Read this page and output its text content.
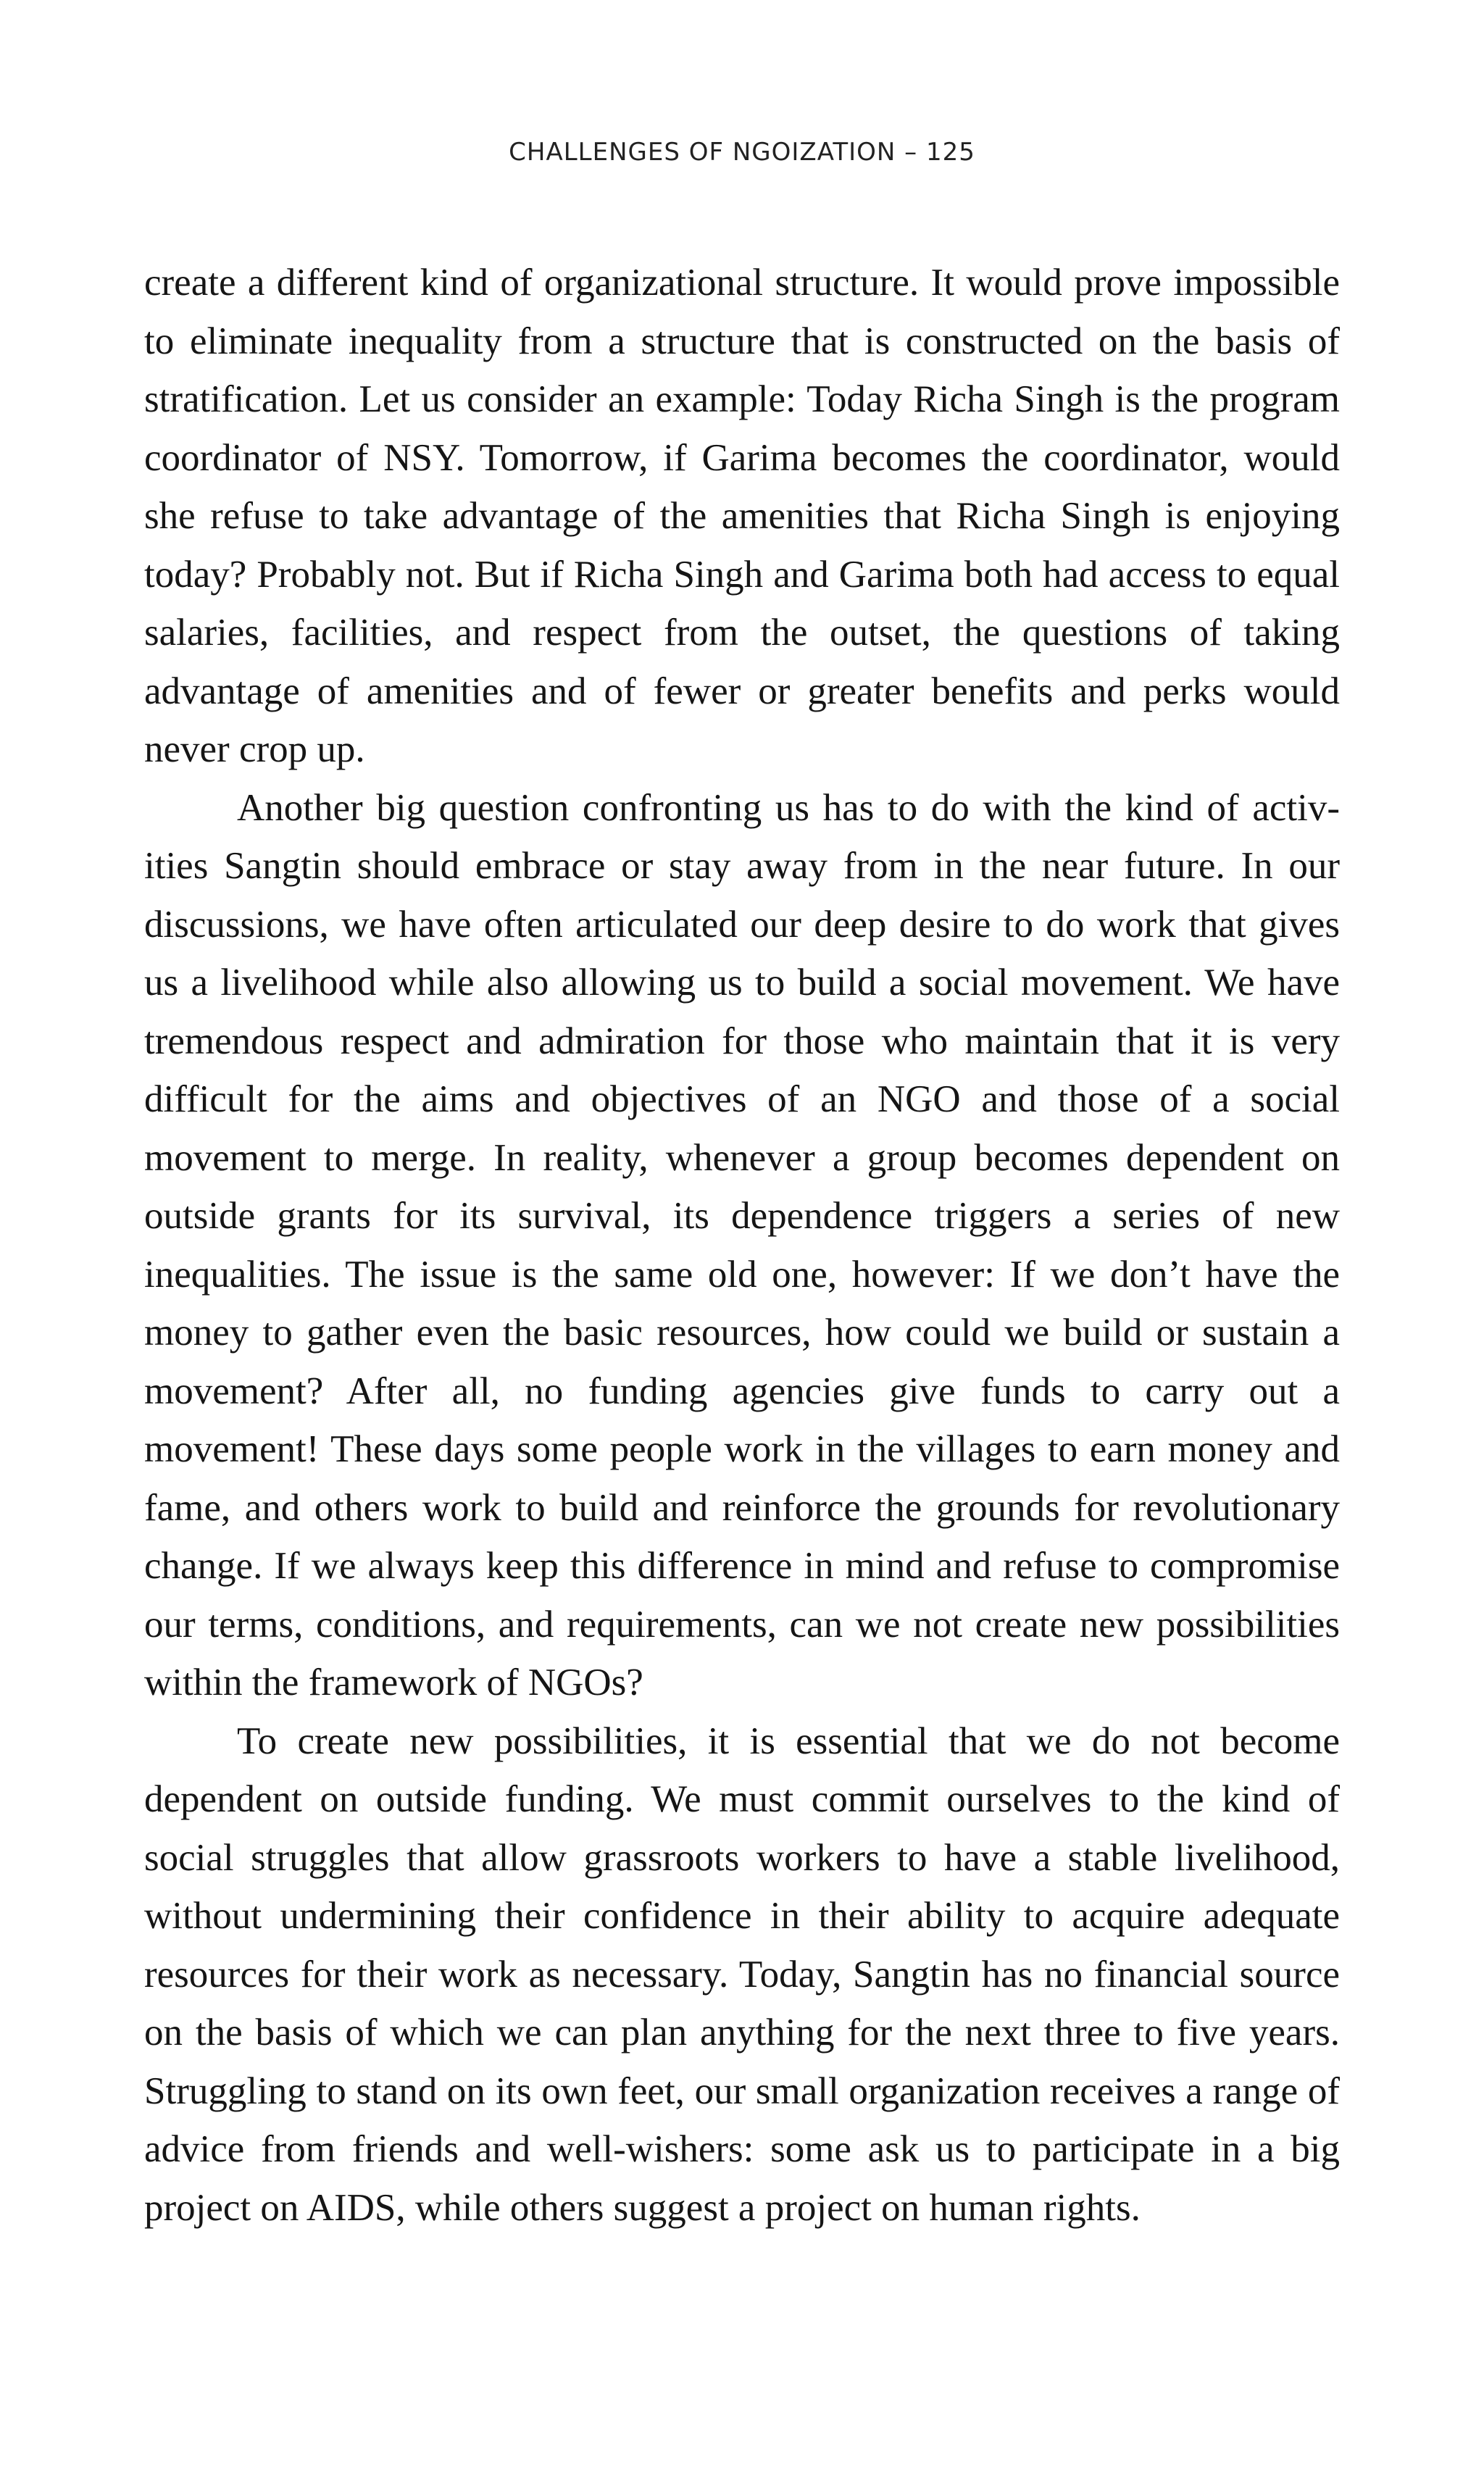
CHALLENGES OF NGOIZATION – 125

create a different kind of organizational structure. It would prove impossible to eliminate inequality from a structure that is constructed on the basis of stratification. Let us consider an example: Today Richa Singh is the program coordinator of NSY. Tomorrow, if Garima becomes the coordinator, would she refuse to take advantage of the amenities that Richa Singh is enjoying today? Probably not. But if Richa Singh and Garima both had access to equal salaries, facilities, and respect from the outset, the questions of taking advantage of amenities and of fewer or greater benefits and perks would never crop up.

Another big question confronting us has to do with the kind of activities Sangtin should embrace or stay away from in the near future. In our discussions, we have often articulated our deep desire to do work that gives us a livelihood while also allowing us to build a social movement. We have tremendous respect and admiration for those who maintain that it is very difficult for the aims and objectives of an NGO and those of a social movement to merge. In reality, whenever a group becomes dependent on outside grants for its survival, its dependence triggers a series of new inequalities. The issue is the same old one, however: If we don’t have the money to gather even the basic resources, how could we build or sustain a movement? After all, no funding agencies give funds to carry out a movement! These days some people work in the villages to earn money and fame, and others work to build and reinforce the grounds for revolutionary change. If we always keep this difference in mind and refuse to compromise our terms, conditions, and requirements, can we not create new possibilities within the framework of NGOs?

To create new possibilities, it is essential that we do not become dependent on outside funding. We must commit ourselves to the kind of social struggles that allow grassroots workers to have a stable livelihood, without undermining their confidence in their ability to acquire adequate resources for their work as necessary. Today, Sangtin has no financial source on the basis of which we can plan anything for the next three to five years. Struggling to stand on its own feet, our small organization receives a range of advice from friends and well-wishers: some ask us to participate in a big project on AIDS, while others suggest a project on human rights.
